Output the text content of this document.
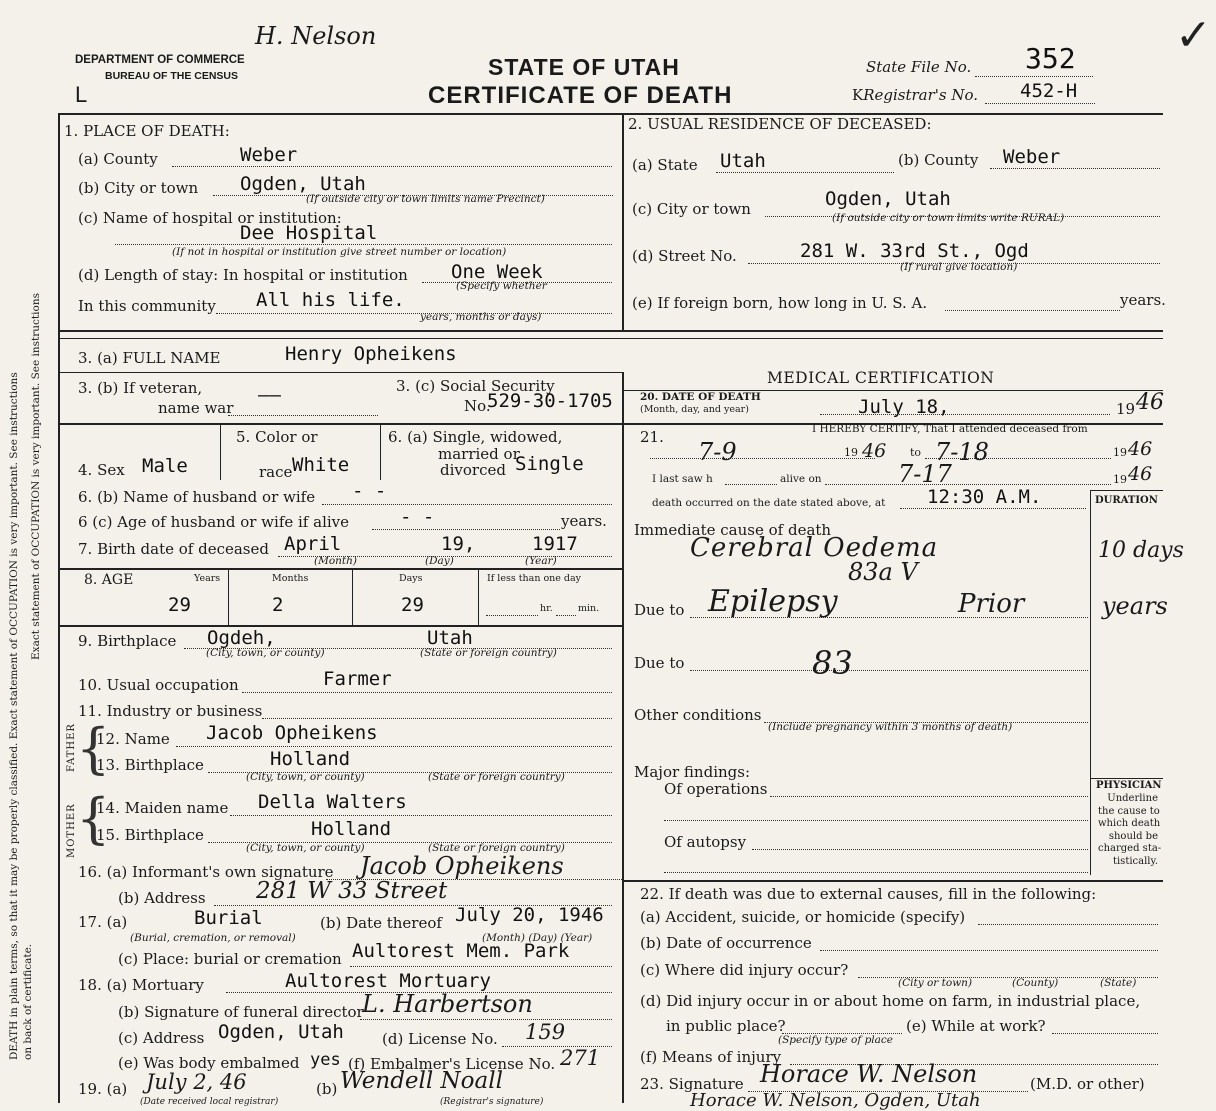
H. Nelson
DEPARTMENT OF COMMERCE
BUREAU OF THE CENSUS
L
STATE OF UTAH
CERTIFICATE OF DEATH
State File No. 352
KRegistrar's No. 452-H
✓
DEATH in plain terms, so that it may be properly classified. Exact statement of OCCUPATION is very important. See instructions on back of certificate.
Exact statement of OCCUPATION is very important. See instructions
1. PLACE OF DEATH:
(a) County	Weber
(b) City or town Ogden, Utah
(If outside city or town limits name Precinct)
(c) Name of hospital or institution:
Dee Hospital
(If not in hospital or institution give street number or location)
(d) Length of stay: In hospital or institution One Week
(Specify whether
In this community All his life.
years, months or days)
2. USUAL RESIDENCE OF DECEASED:
(a) State Utah	(b) County Weber
(c) City or town	Ogden, Utah
(If outside city or town limits write RURAL)
(d) Street No.	281 W. 33rd St., Ogd
(If rural give location)
(e) If foreign born, how long in U. S. A.	years.
3. (a) FULL NAME	Henry Opheikens
3. (b) If veteran,
name war
——	3. (c) Social Security
No.
529-30-1705
5. Color or	6. (a) Single, widowed,
married or
4. Sex Male	race White	divorced Single
6. (b) Name of husband or wife - -
6 (c) Age of husband or wife if alive	- -	years.
7. Birth date of deceased April	19,	1917
(Month)	(Day)	(Year)
8. AGE	Years	Months	Days	If less than one day
29	2	29	hr.	min.
9. Birthplace Ogdeh,	Utah
(City, town, or county)	(State or foreign country)
10. Usual occupation	Farmer
11. Industry or business
FATHER {
12. Name Jacob Opheikens
13. Birthplace	Holland
(City, town, or county)	(State or foreign country)
MOTHER {
14. Maiden name Della Walters
15. Birthplace	Holland
(City, town, or county)	(State or foreign country)
16. (a) Informant's own signature Jacob Opheikens
(b) Address 281 W 33 Street
17. (a)	Burial	(b) Date thereof July 20, 1946
(Burial, cremation, or removal)	(Month) (Day) (Year)
(c) Place: burial or cremation Aultorest Mem. Park
18. (a) Mortuary	Aultorest Mortuary
(b) Signature of funeral director
L. Harbertson
(c) Address Ogden, Utah	(d) License No. 159
(e) Was body embalmed yes (f) Embalmer's License No. 271
19. (a) July 2, 46	(b) Wendell Noall
(Date received local registrar)	(Registrar's signature)
MEDICAL CERTIFICATION
20. DATE OF DEATH
(Month, day, and year)	July 18,	19 46
21.	I HEREBY CERTIFY, That I attended deceased from
7-9	19 46 to 7-18	19 46
I last saw h	alive on	7-17	19 46
death occurred on the date stated above, at 12:30 A.M.	DURATION
Immediate cause of death
Cerebral Oedema	10 days
83a V
Due to Epilepsy	Prior	years
Due to	83
Other conditions
(Include pregnancy within 3 months of death)
Major findings:
Of operations
Of autopsy
PHYSICIAN
Underline
the cause to
which death
should be
charged sta-
tistically.
22. If death was due to external causes, fill in the following:
(a) Accident, suicide, or homicide (specify)
(b) Date of occurrence
(c) Where did injury occur?
(City or town)	(County)	(State)
(d) Did injury occur in or about home on farm, in industrial place,
in public place?	(e) While at work?
(Specify type of place
(f) Means of injury
23. Signature Horace W. Nelson	(M.D. or other)
Horace W. Nelson, Ogden, Utah
